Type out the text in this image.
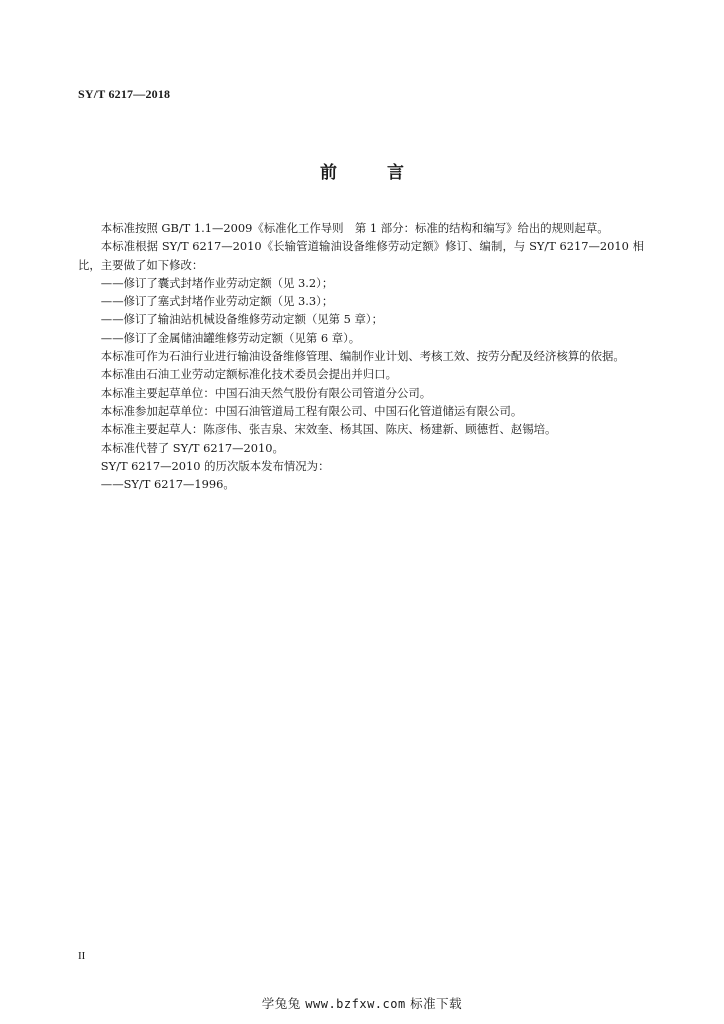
SY/T 6217—2018
前 言

本标准按照 GB/T 1.1—2009《标准化工作导则　第 1 部分：标准的结构和编写》给出的规则起草。

本标准根据 SY/T 6217—2010《长输管道输油设备维修劳动定额》修订、编制，与 SY/T 6217—2010 相比，主要做了如下修改：

——修订了囊式封堵作业劳动定额（见 3.2）；

——修订了塞式封堵作业劳动定额（见 3.3）；

——修订了输油站机械设备维修劳动定额（见第 5 章）；

——修订了金属储油罐维修劳动定额（见第 6 章）。

本标准可作为石油行业进行输油设备维修管理、编制作业计划、考核工效、按劳分配及经济核算的依据。

本标准由石油工业劳动定额标准化技术委员会提出并归口。

本标准主要起草单位：中国石油天然气股份有限公司管道分公司。

本标准参加起草单位：中国石油管道局工程有限公司、中国石化管道储运有限公司。

本标准主要起草人：陈彦伟、张吉泉、宋效奎、杨其国、陈庆、杨建新、顾德哲、赵锡培。

本标准代替了 SY/T 6217—2010。

SY/T 6217—2010 的历次版本发布情况为：

——SY/T 6217—1996。

II
学兔兔 www.bzfxw.com 标准下载
